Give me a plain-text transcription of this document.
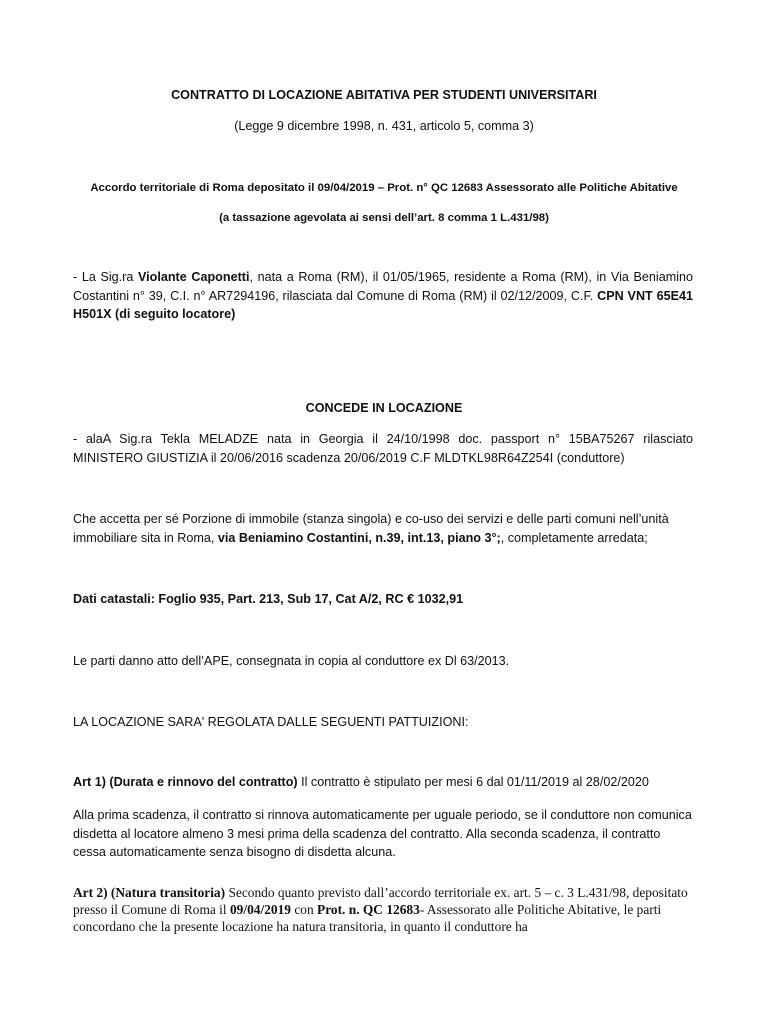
CONTRATTO DI LOCAZIONE ABITATIVA PER STUDENTI UNIVERSITARI

(Legge 9 dicembre 1998, n. 431, articolo 5, comma 3)

Accordo territoriale di Roma depositato il 09/04/2019 – Prot. n° QC 12683 Assessorato alle Politiche Abitative

(a tassazione agevolata ai sensi dell’art. 8 comma 1 L.431/98)

- La Sig.ra Violante Caponetti, nata a Roma (RM), il 01/05/1965, residente a Roma (RM), in Via Beniamino Costantini n° 39, C.I. n° AR7294196, rilasciata dal Comune di Roma (RM) il 02/12/2009, C.F. CPN VNT 65E41 H501X (di seguito locatore)

CONCEDE IN LOCAZIONE

- alaA Sig.ra Tekla MELADZE nata in Georgia il 24/10/1998 doc. passport n° 15BA75267 rilasciato MINISTERO GIUSTIZIA il 20/06/2016 scadenza 20/06/2019 C.F MLDTKL98R64Z254I (conduttore)

Che accetta per sé Porzione di immobile (stanza singola) e co-uso dei servizi e delle parti comuni nell’unità immobiliare sita in Roma, via Beniamino Costantini, n.39, int.13, piano 3°;, completamente arredata;

Dati catastali: Foglio 935, Part. 213, Sub 17, Cat A/2, RC € 1032,91

Le parti danno atto dell’APE, consegnata in copia al conduttore ex Dl 63/2013.

LA LOCAZIONE SARA' REGOLATA DALLE SEGUENTI PATTUIZIONI:

Art 1) (Durata e rinnovo del contratto) Il contratto è stipulato per mesi 6 dal 01/11/2019 al 28/02/2020

Alla prima scadenza, il contratto si rinnova automaticamente per uguale periodo, se il conduttore non comunica disdetta al locatore almeno 3 mesi prima della scadenza del contratto. Alla seconda scadenza, il contratto cessa automaticamente senza bisogno di disdetta alcuna.

Art 2) (Natura transitoria) Secondo quanto previsto dall’accordo territoriale ex. art. 5 – c. 3 L.431/98, depositato presso il Comune di Roma il 09/04/2019 con Prot. n. QC 12683- Assessorato alle Politiche Abitative, le parti concordano che la presente locazione ha natura transitoria, in quanto il conduttore ha
